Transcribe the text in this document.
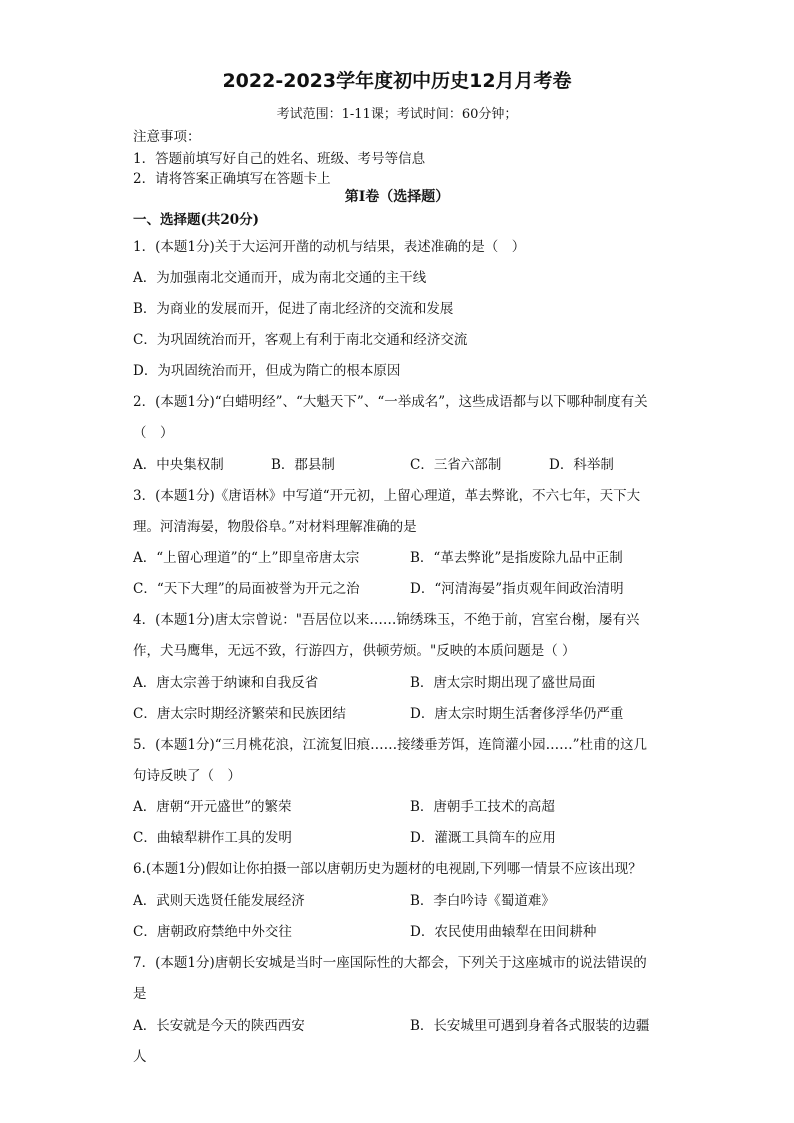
2022-2023学年度初中历史12月月考卷
考试范围：1-11课；考试时间：60分钟；
注意事项：
1．答题前填写好自己的姓名、班级、考号等信息
2．请将答案正确填写在答题卡上
第I卷（选择题）
一、选择题(共20分)
1．(本题1分)关于大运河开凿的动机与结果，表述准确的是（　）
A．为加强南北交通而开，成为南北交通的主干线
B．为商业的发展而开，促进了南北经济的交流和发展
C．为巩固统治而开，客观上有利于南北交通和经济交流
D．为巩固统治而开，但成为隋亡的根本原因
2．(本题1分)“白蜡明经”、“大魁天下”、“一举成名”，这些成语都与以下哪种制度有关
（　）
A．中央集权制	B．郡县制	C．三省六部制	D．科举制
3．(本题1分)《唐语林》中写道“开元初，上留心理道，革去弊讹，不六七年，天下大
理。河清海晏，物殷俗阜。”对材料理解准确的是
A．“上留心理道”的“上”即皇帝唐太宗	B．“革去弊讹”是指废除九品中正制
C．“天下大理”的局面被誉为开元之治	D．“河清海晏”指贞观年间政治清明
4．(本题1分)唐太宗曾说："吾居位以来……锦绣珠玉，不绝于前，宫室台榭，屡有兴
作，犬马鹰隼，无远不致，行游四方，供顿劳烦。"反映的本质问题是（ ）
A．唐太宗善于纳谏和自我反省	B．唐太宗时期出现了盛世局面
C．唐太宗时期经济繁荣和民族团结	D．唐太宗时期生活奢侈浮华仍严重
5．(本题1分)“三月桃花浪，江流复旧痕……接缕垂芳饵，连筒灌小园……”杜甫的这几
句诗反映了（　）
A．唐朝“开元盛世”的繁荣	B．唐朝手工技术的高超
C．曲辕犁耕作工具的发明	D．灌溉工具筒车的应用
6.(本题1分)假如让你拍摄一部以唐朝历史为题材的电视剧,下列哪一情景不应该出现？
A．武则天选贤任能发展经济	B．李白吟诗《蜀道难》
C．唐朝政府禁绝中外交往	D．农民使用曲辕犁在田间耕种
7．(本题1分)唐朝长安城是当时一座国际性的大都会，下列关于这座城市的说法错误的
是
A．长安就是今天的陕西西安	B．长安城里可遇到身着各式服装的边疆
人
